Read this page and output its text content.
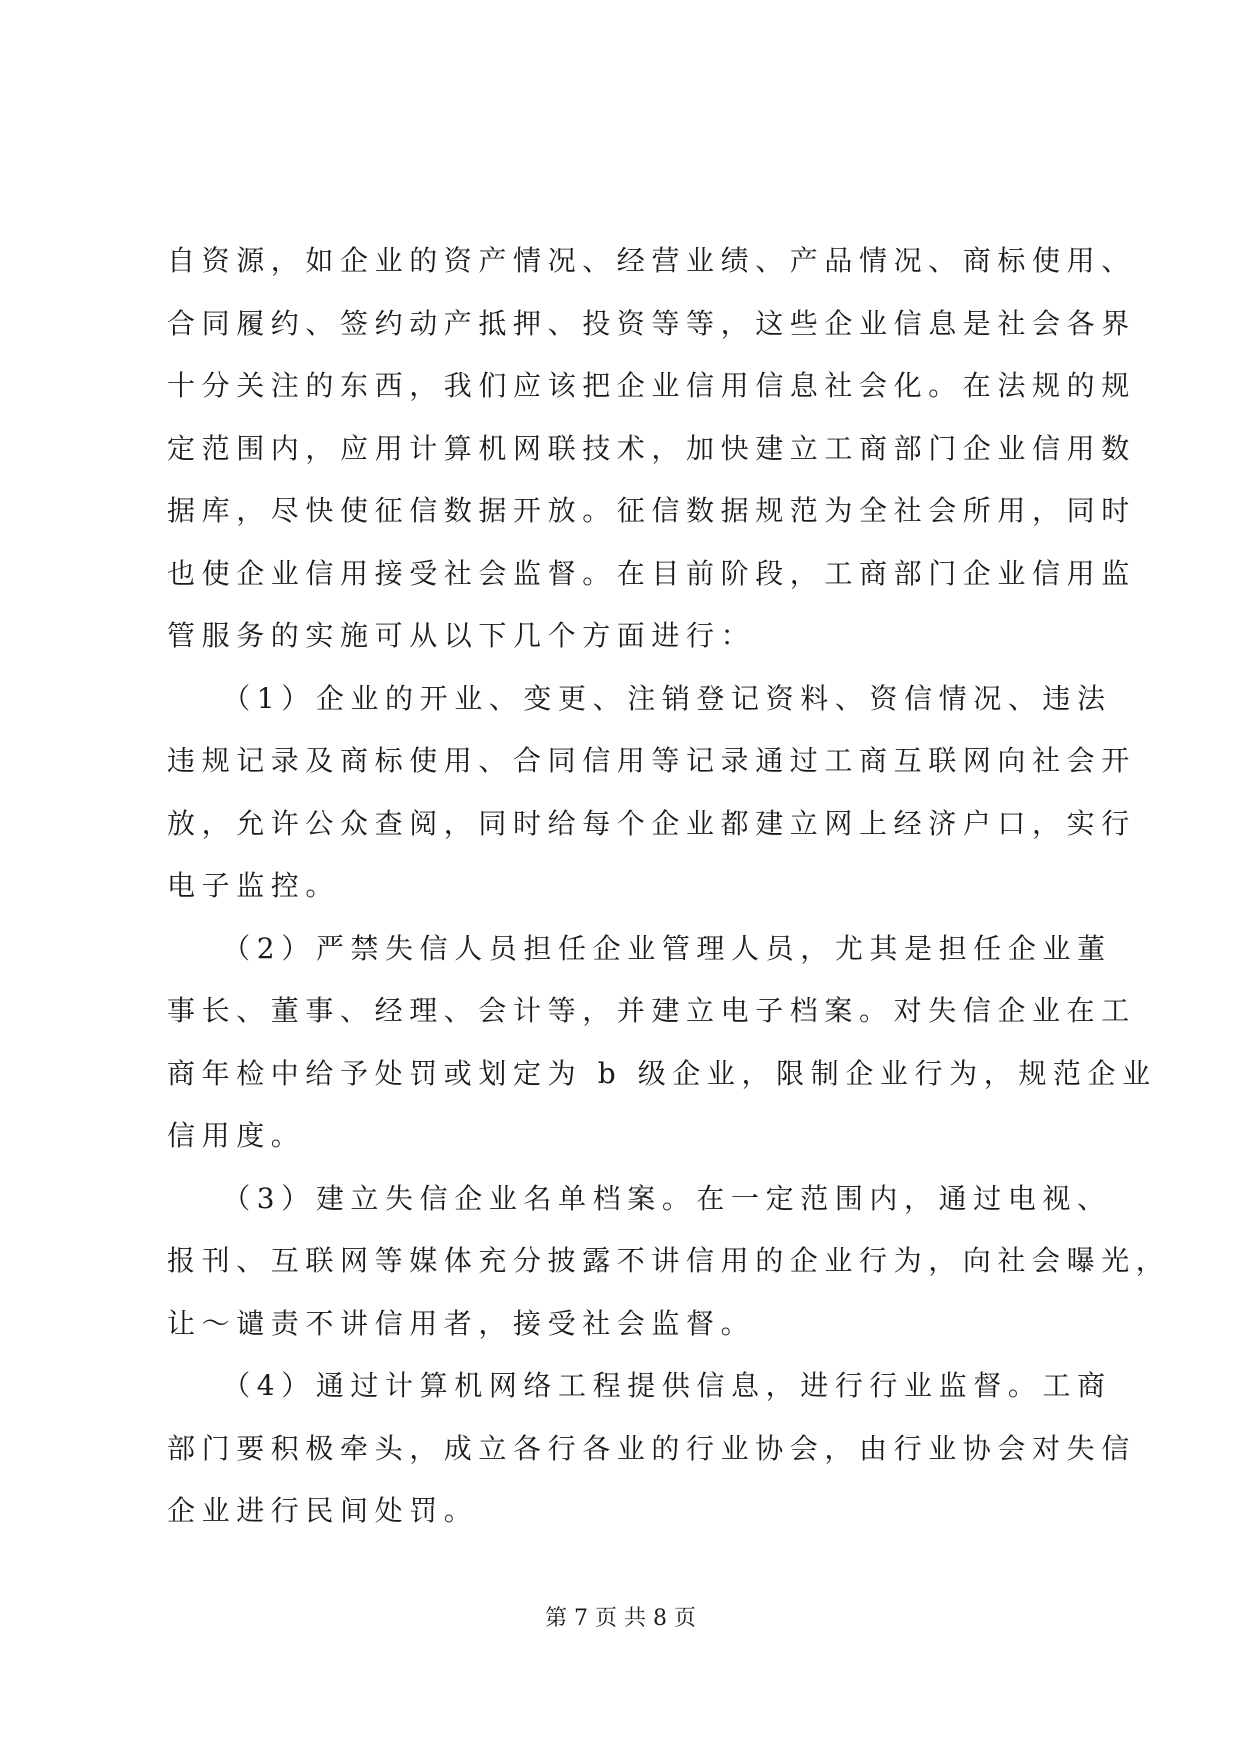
自资源，如企业的资产情况、经营业绩、产品情况、商标使用、
合同履约、签约动产抵押、投资等等，这些企业信息是社会各界
十分关注的东西，我们应该把企业信用信息社会化。在法规的规
定范围内，应用计算机网联技术，加快建立工商部门企业信用数
据库，尽快使征信数据开放。征信数据规范为全社会所用，同时
也使企业信用接受社会监督。在目前阶段，工商部门企业信用监
管服务的实施可从以下几个方面进行：
　　（1）企业的开业、变更、注销登记资料、资信情况、违法
违规记录及商标使用、合同信用等记录通过工商互联网向社会开
放，允许公众查阅，同时给每个企业都建立网上经济户口，实行
电子监控。
　　（2）严禁失信人员担任企业管理人员，尤其是担任企业董
事长、董事、经理、会计等，并建立电子档案。对失信企业在工
商年检中给予处罚或划定为 b 级企业，限制企业行为，规范企业
信用度。
　　（3）建立失信企业名单档案。在一定范围内，通过电视、
报刊、互联网等媒体充分披露不讲信用的企业行为，向社会曝光，
让～谴责不讲信用者，接受社会监督。
　　（4）通过计算机网络工程提供信息，进行行业监督。工商
部门要积极牵头，成立各行各业的行业协会，由行业协会对失信
企业进行民间处罚。
第 7 页 共 8 页
